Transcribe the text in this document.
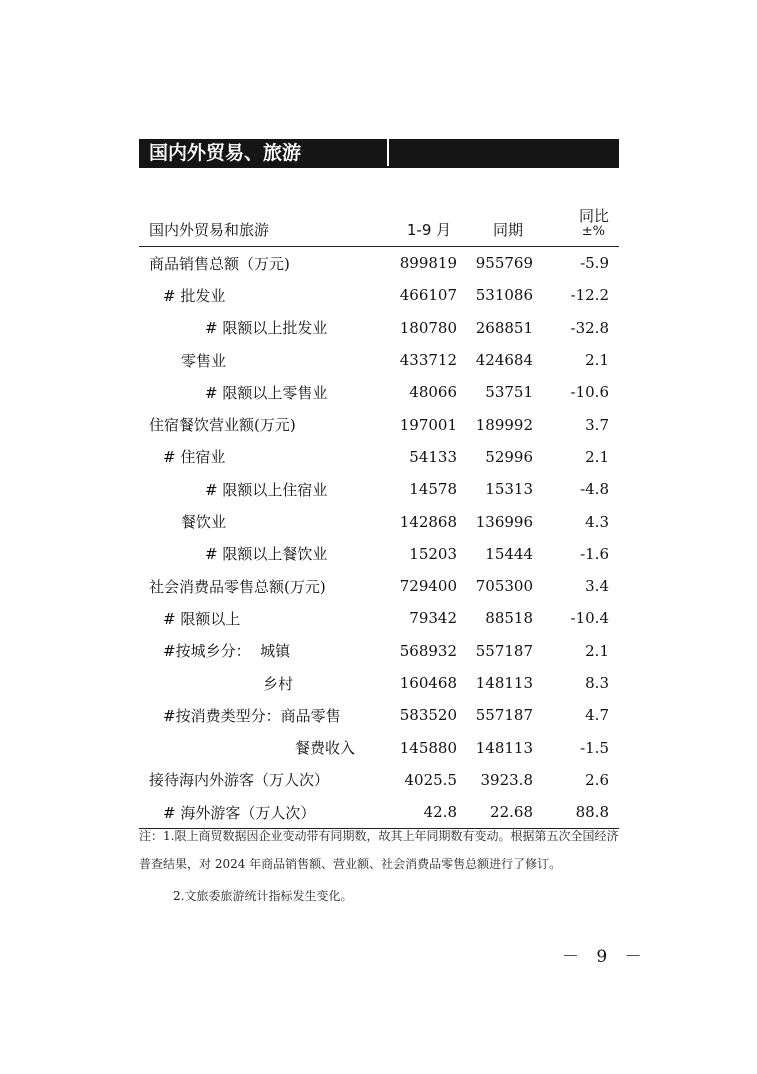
国内外贸易、旅游
国内外贸易和旅游	1-9 月	同期	同比
±%

商品销售总额（万元)	899819	955769	-5.9
# 批发业	466107	531086	-12.2
# 限额以上批发业	180780	268851	-32.8
零售业	433712	424684	2.1
# 限额以上零售业	48066	53751	-10.6
住宿餐饮营业额(万元)	197001	189992	3.7
# 住宿业	54133	52996	2.1
# 限额以上住宿业	14578	15313	-4.8
餐饮业	142868	136996	4.3
# 限额以上餐饮业	15203	15444	-1.6
社会消费品零售总额(万元)	729400	705300	3.4
# 限额以上	79342	88518	-10.4
#按城乡分：  城镇	568932	557187	2.1
乡村	160468	148113	8.3
#按消费类型分：商品零售	583520	557187	4.7
餐费收入	145880	148113	-1.5
接待海内外游客（万人次）	4025.5	3923.8	2.6
# 海外游客（万人次）	42.8	22.68	88.8

注：1.限上商贸数据因企业变动带有同期数，故其上年同期数有变动。根据第五次全国经济普查结果，对 2024 年商品销售额、营业额、社会消费品零售总额进行了修订。

2.文旅委旅游统计指标发生变化。

－ 9 －
